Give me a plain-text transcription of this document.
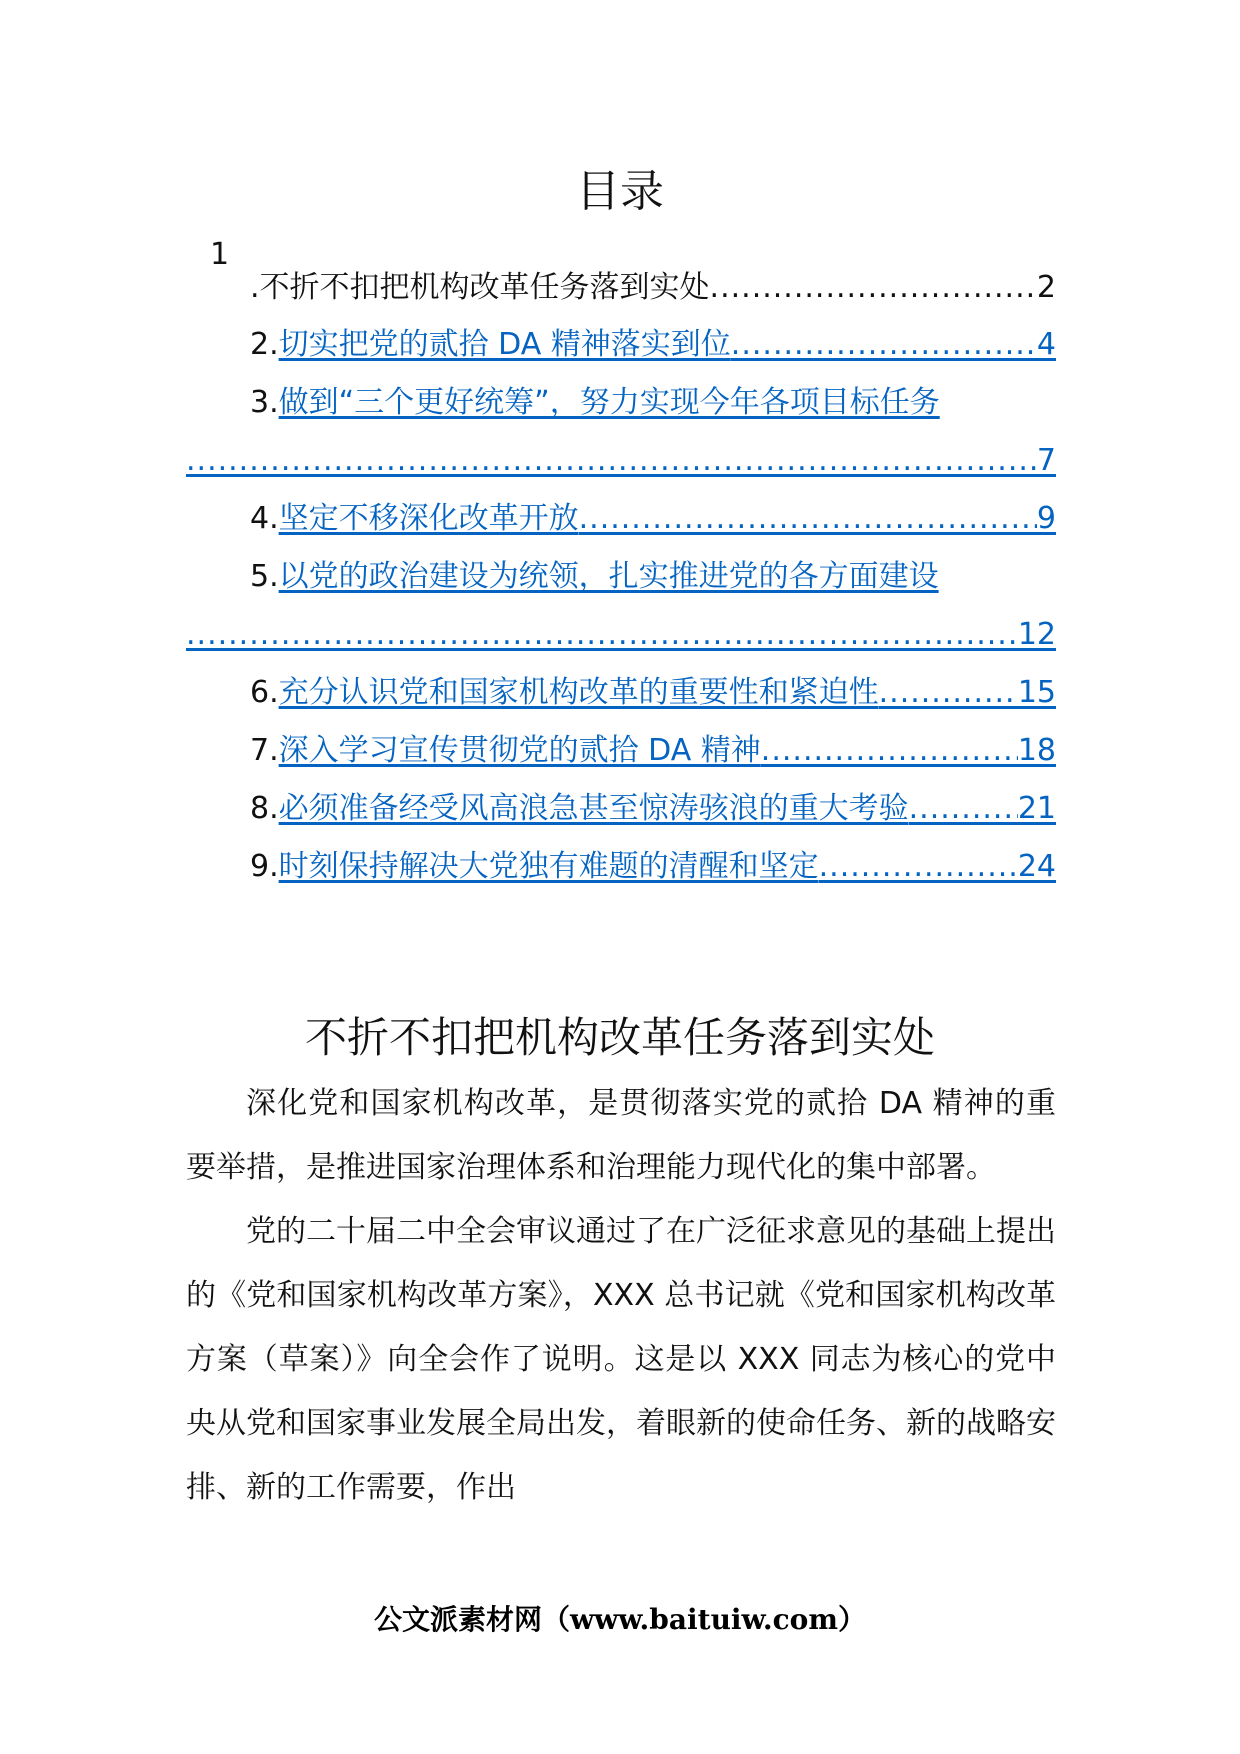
目录
1
. 不折不扣把机构改革任务落到实处 .....	2
2. 切实把党的贰拾 DA 精神落实到位 .....	4
3. 做到“三个更好统筹”，努力实现今年各项目标任务
.....
7
4. 坚定不移深化改革开放 .....	9
5. 以党的政治建设为统领，扎实推进党的各方面建设
.....
12
6. 充分认识党和国家机构改革的重要性和紧迫性 .....	15
7. 深入学习宣传贯彻党的贰拾 DA 精神 .....	18
8. 必须准备经受风高浪急甚至惊涛骇浪的重大考验 .....	21
9. 时刻保持解决大党独有难题的清醒和坚定 .....	24
不折不扣把机构改革任务落到实处

深化党和国家机构改革，是贯彻落实党的贰拾 DA 精神的重要举措，是推进国家治理体系和治理能力现代化的集中部署。

党的二十届二中全会审议通过了在广泛征求意见的基础上提出的《党和国家机构改革方案》，XXX 总书记就《党和国家机构改革方案（草案）》向全会作了说明。这是以 XXX 同志为核心的党中央从党和国家事业发展全局出发，着眼新的使命任务、新的战略安排、新的工作需要，作出

公文派素材网（www.baituiw.com）
